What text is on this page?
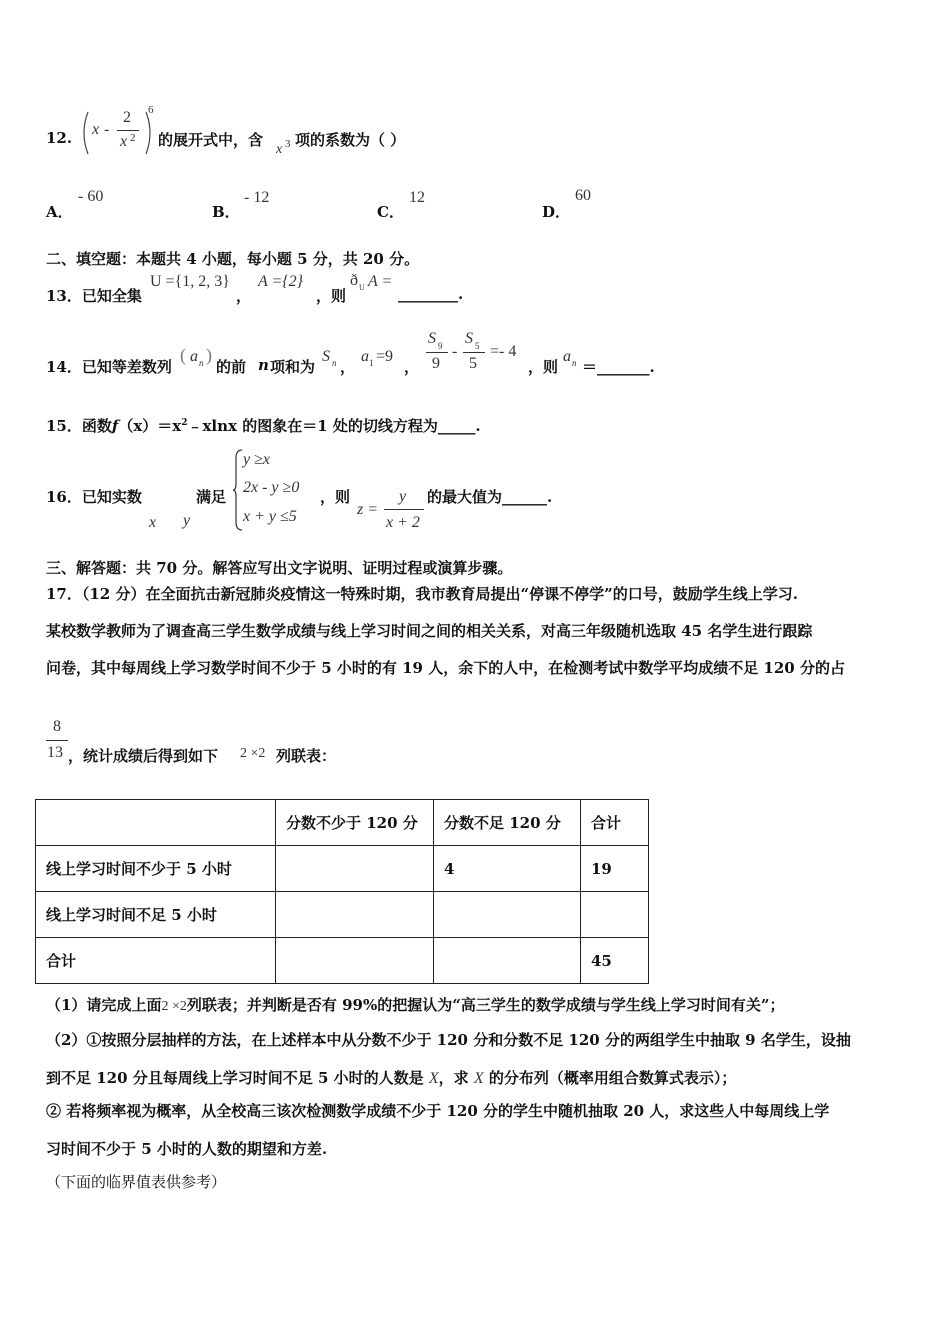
12. x -
2
x 2
6
的展开式中，含
x 3 项的系数为（ ）
A．
- 60
B．
- 12
C．
12
D．
60
二、填空题：本题共 4 小题，每小题 5 分，共 20 分。
13．已知全集
U ={1, 2, 3}
，
A ={2}
，则
ð U A =
________.
14．已知等差数列
( a n )
的前 n 项和为
S n ，
a 1 =9
，
S 9
9
-
S 5
5
=- 4
，则
a n ＝_______.
15．函数$f(x)=x^2﹣xlnx$ 的图象在＝1 处的切线方程为_____.
16．已知实数
x y
满足
y ≥x
2x - y ≥0
x + y ≤5
，则
z =
y
x + 2
的最大值为______.
三、解答题：共 70 分。解答应写出文字说明、证明过程或演算步骤。
17．（12 分）在全面抗击新冠肺炎疫情这一特殊时期，我市教育局提出“停课不停学”的口号，鼓励学生线上学习.
某校数学教师为了调查高三学生数学成绩与线上学习时间之间的相关关系，对高三年级随机选取 45 名学生进行跟踪
问卷，其中每周线上学习数学时间不少于 5 小时的有 19 人，余下的人中，在检测考试中数学平均成绩不足 120 分的占
8
13 ，统计成绩后得到如下 2 ×2 列联表：
	分数不少于 120 分	分数不足 120 分	合计
线上学习时间不少于 5 小时		4	19
线上学习时间不足 5 小时			
合计			45
（1）请完成上面2 ×2列联表；并判断是否有 99%的把握认为“高三学生的数学成绩与学生线上学习时间有关”；
（2）①按照分层抽样的方法，在上述样本中从分数不少于 120 分和分数不足 120 分的两组学生中抽取 9 名学生，设抽
到不足 120 分且每周线上学习时间不足 5 小时的人数是 X，求 X 的分布列（概率用组合数算式表示）；
② 若将频率视为概率，从全校高三该次检测数学成绩不少于 120 分的学生中随机抽取 20 人，求这些人中每周线上学
习时间不少于 5 小时的人数的期望和方差.
（下面的临界值表供参考）
